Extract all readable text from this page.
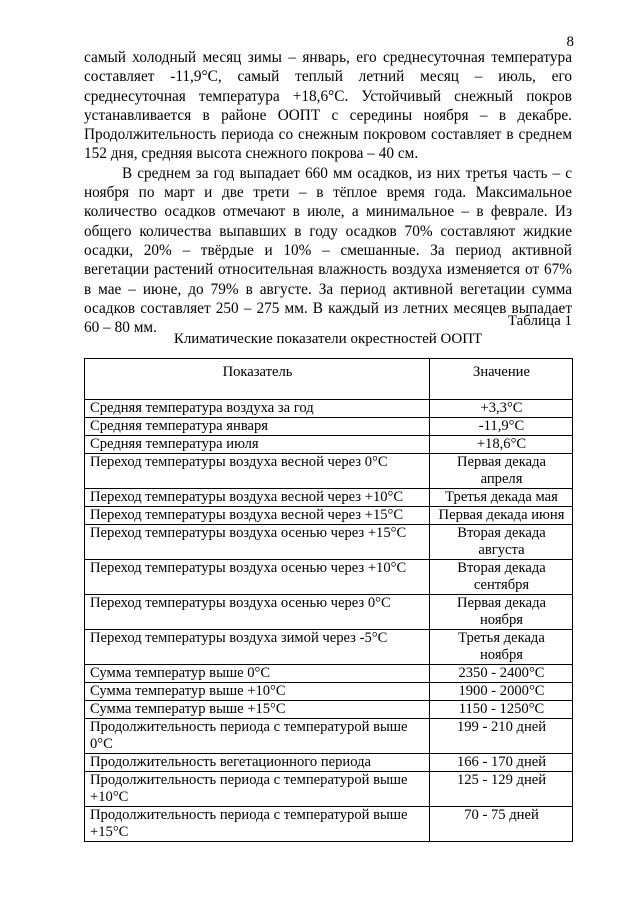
8

самый холодный месяц зимы – январь, его среднесуточная температура составляет -11,9°С, самый теплый летний месяц – июль, его среднесуточная температура +18,6°С. Устойчивый снежный покров устанавливается в районе ООПТ с середины ноября – в декабре. Продолжительность периода со снежным покровом составляет в среднем 152 дня, средняя высота снежного покрова – 40 см.

В среднем за год выпадает 660 мм осадков, из них третья часть – с ноября по март и две трети – в тёплое время года. Максимальное количество осадков отмечают в июле, а минимальное – в феврале. Из общего количества выпавших в году осадков 70% составляют жидкие осадки, 20% – твёрдые и 10% – смешанные. За период активной вегетации растений относительная влажность воздуха изменяется от 67% в мае – июне, до 79% в августе. За период активной вегетации сумма осадков составляет 250 – 275 мм. В каждый из летних месяцев выпадает 60 – 80 мм.	Таблица 1
Климатические показатели окрестностей ООПТ
Показатель	Значение
Средняя температура воздуха за год	+3,3°С
Средняя температура января	-11,9°С
Средняя температура июля	+18,6°С
Переход температуры воздуха весной через 0°С	Первая декада апреля
Переход температуры воздуха весной через +10°С	Третья декада мая
Переход температуры воздуха весной через +15°С	Первая декада июня
Переход температуры воздуха осенью через +15°С	Вторая декада августа
Переход температуры воздуха осенью через +10°С	Вторая декада сентября
Переход температуры воздуха осенью через 0°С	Первая декада ноября
Переход температуры воздуха зимой через -5°С	Третья декада ноября
Сумма температур выше 0°С	2350 - 2400°С
Сумма температур выше +10°С	1900 - 2000°С
Сумма температур выше +15°С	1150 - 1250°С
Продолжительность периода с температурой выше 0°С	199 - 210 дней
Продолжительность вегетационного периода	166 - 170 дней
Продолжительность периода с температурой выше +10°С	125 - 129 дней
Продолжительность периода с температурой выше +15°С	70 - 75 дней
